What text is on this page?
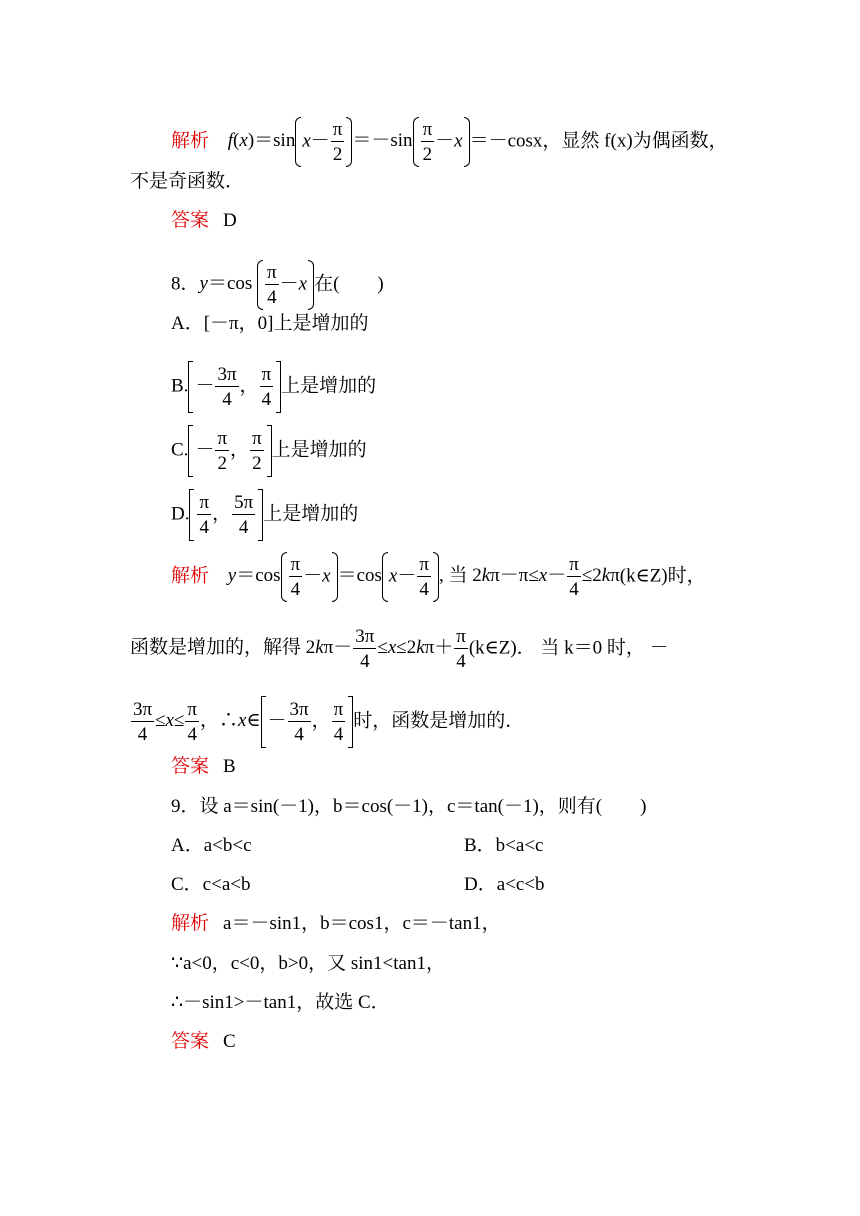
解析 f(x)＝sin $x- \frac{\pi}{2} =-\sin \frac{\pi}{2} -x =-\cos x$，显然 f(x)为偶函数，
不是奇函数．
答案 D
8．$y=\cos \frac{\pi}{4} -x$ 在(　　)
A．[－π，0]上是增加的
B. － $\frac{3\pi}{4}$ ， $\frac{\pi}{4}$ 上是增加的
C. － $\frac{\pi}{2}$ ， $\frac{\pi}{2}$ 上是增加的
D. $\frac{\pi}{4}$ ， $\frac{5\pi}{4}$ 上是增加的
解析 $y=\cos \frac{\pi}{4} -x =\cos$ $x- \frac{\pi}{4}$ , 当 $2k\pi-\pi\le x- \frac{\pi}{4}$ ≤2kπ(k∈Z)时，
函数是增加的，解得 $2k\pi- \frac{3\pi}{4} \le x\le 2k\pi+ \frac{\pi}{4}$ (k∈Z)． 当 k＝0 时， －
$\frac{3\pi}{4} \le x\le \frac{\pi}{4}$ ，∴x∈ － $\frac{3\pi}{4}$ ， $\frac{\pi}{4}$ 时，函数是增加的．
答案 B
9．设 a＝sin(－1)，b＝cos(－1)，c＝tan(－1)，则有(　　)
A．a<b<c	B．b<a<c
C．c<a<b	D．a<c<b
解析 a＝－sin1，b＝cos1，c＝－tan1，
∵a<0，c<0，b>0，又 sin1<tan1，
∴－sin1>－tan1，故选 C．
答案 C
